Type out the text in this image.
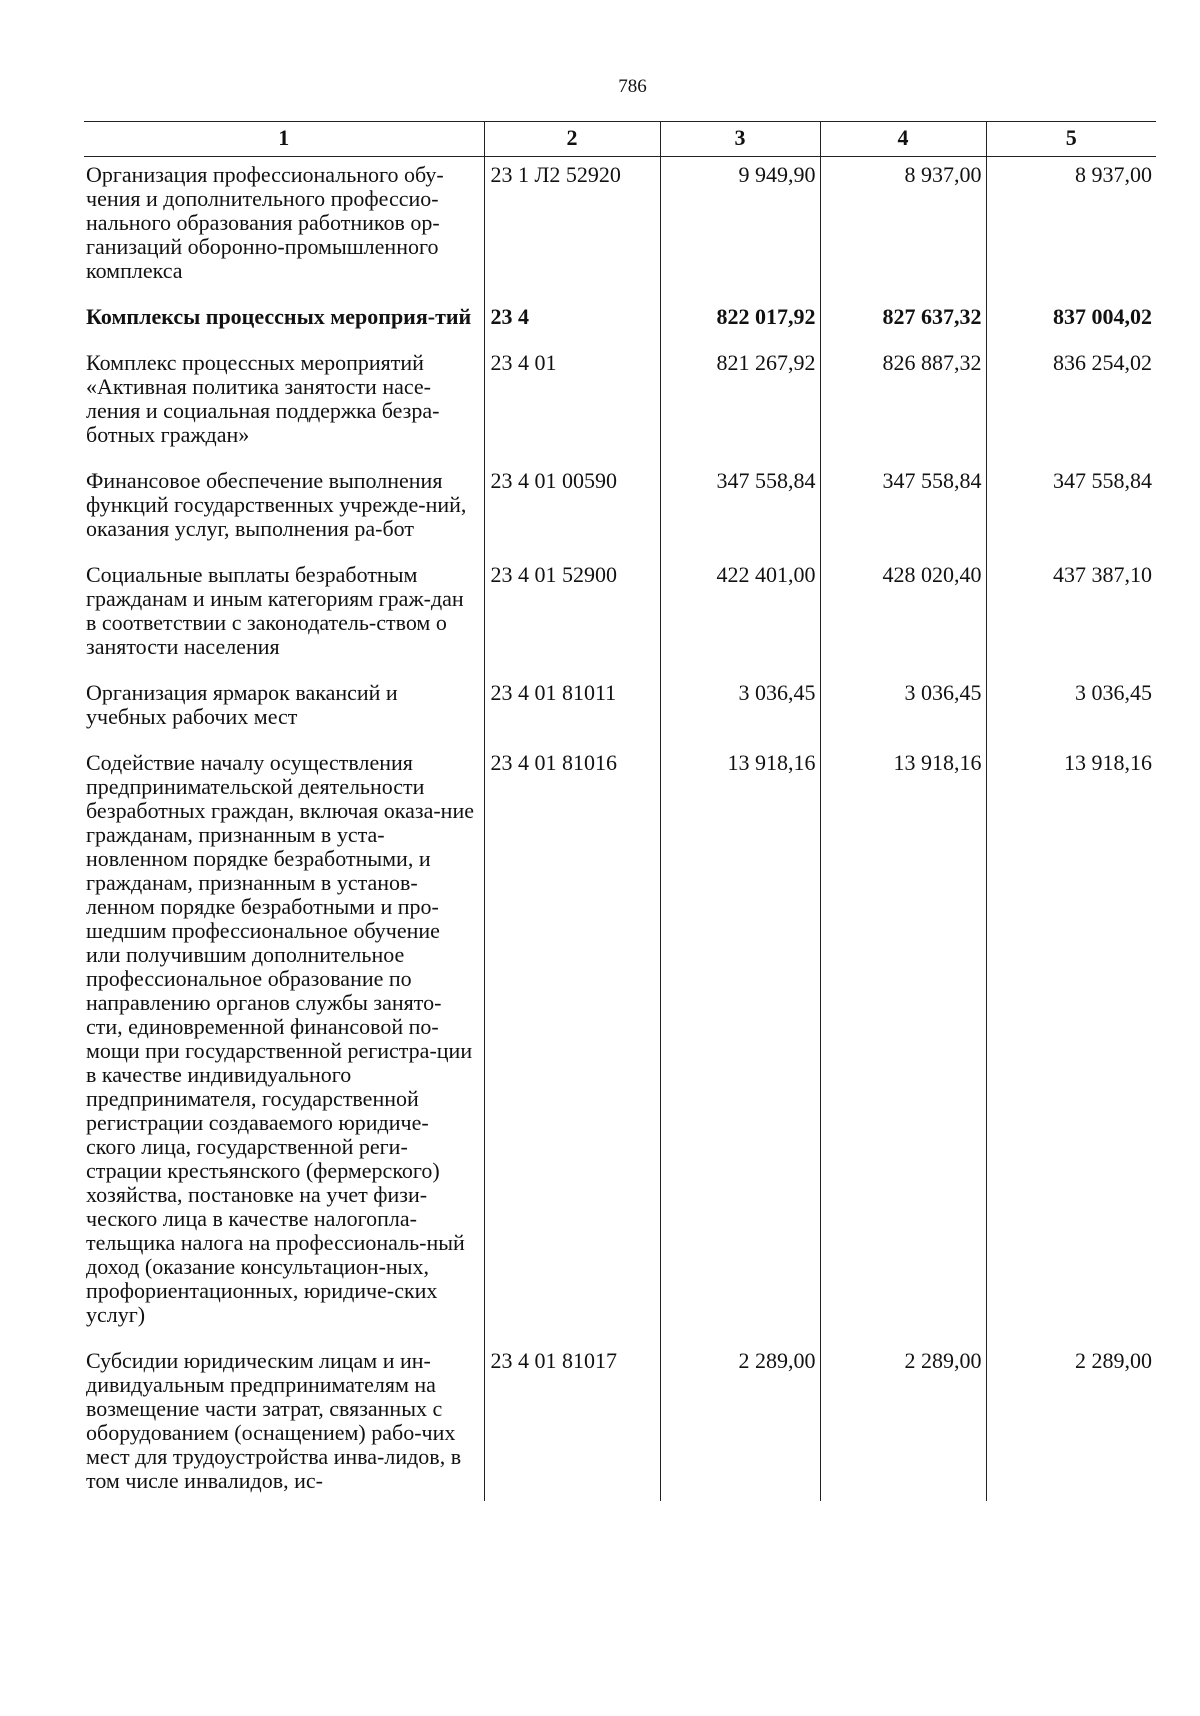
786
1	2	3	4	5
Организация профессионального обу-чения и дополнительного профессио-нального образования работников ор-ганизаций оборонно-промышленного комплекса	23 1 Л2 52920	9 949,90	8 937,00	8 937,00
Комплексы процессных мероприя-тий	23 4	822 017,92	827 637,32	837 004,02
Комплекс процессных мероприятий «Активная политика занятости насе-ления и социальная поддержка безра-ботных граждан»	23 4 01	821 267,92	826 887,32	836 254,02
Финансовое обеспечение выполнения функций государственных учрежде-ний, оказания услуг, выполнения ра-бот	23 4 01 00590	347 558,84	347 558,84	347 558,84
Социальные выплаты безработным гражданам и иным категориям граж-дан в соответствии с законодатель-ством о занятости населения	23 4 01 52900	422 401,00	428 020,40	437 387,10
Организация ярмарок вакансий и учебных рабочих мест	23 4 01 81011	3 036,45	3 036,45	3 036,45
Содействие началу осуществления предпринимательской деятельности безработных граждан, включая оказа-ние гражданам, признанным в уста-новленном порядке безработными, и гражданам, признанным в установ-ленном порядке безработными и про-шедшим профессиональное обучение или получившим дополнительное профессиональное образование по направлению органов службы занято-сти, единовременной финансовой по-мощи при государственной регистра-ции в качестве индивидуального предпринимателя, государственной регистрации создаваемого юридиче-ского лица, государственной реги-страции крестьянского (фермерского) хозяйства, постановке на учет физи-ческого лица в качестве налогопла-тельщика налога на профессиональ-ный доход (оказание консультацион-ных, профориентационных, юридиче-ских услуг)	23 4 01 81016	13 918,16	13 918,16	13 918,16
Субсидии юридическим лицам и ин-дивидуальным предпринимателям на возмещение части затрат, связанных с оборудованием (оснащением) рабо-чих мест для трудоустройства инва-лидов, в том числе инвалидов, ис-	23 4 01 81017	2 289,00	2 289,00	2 289,00
